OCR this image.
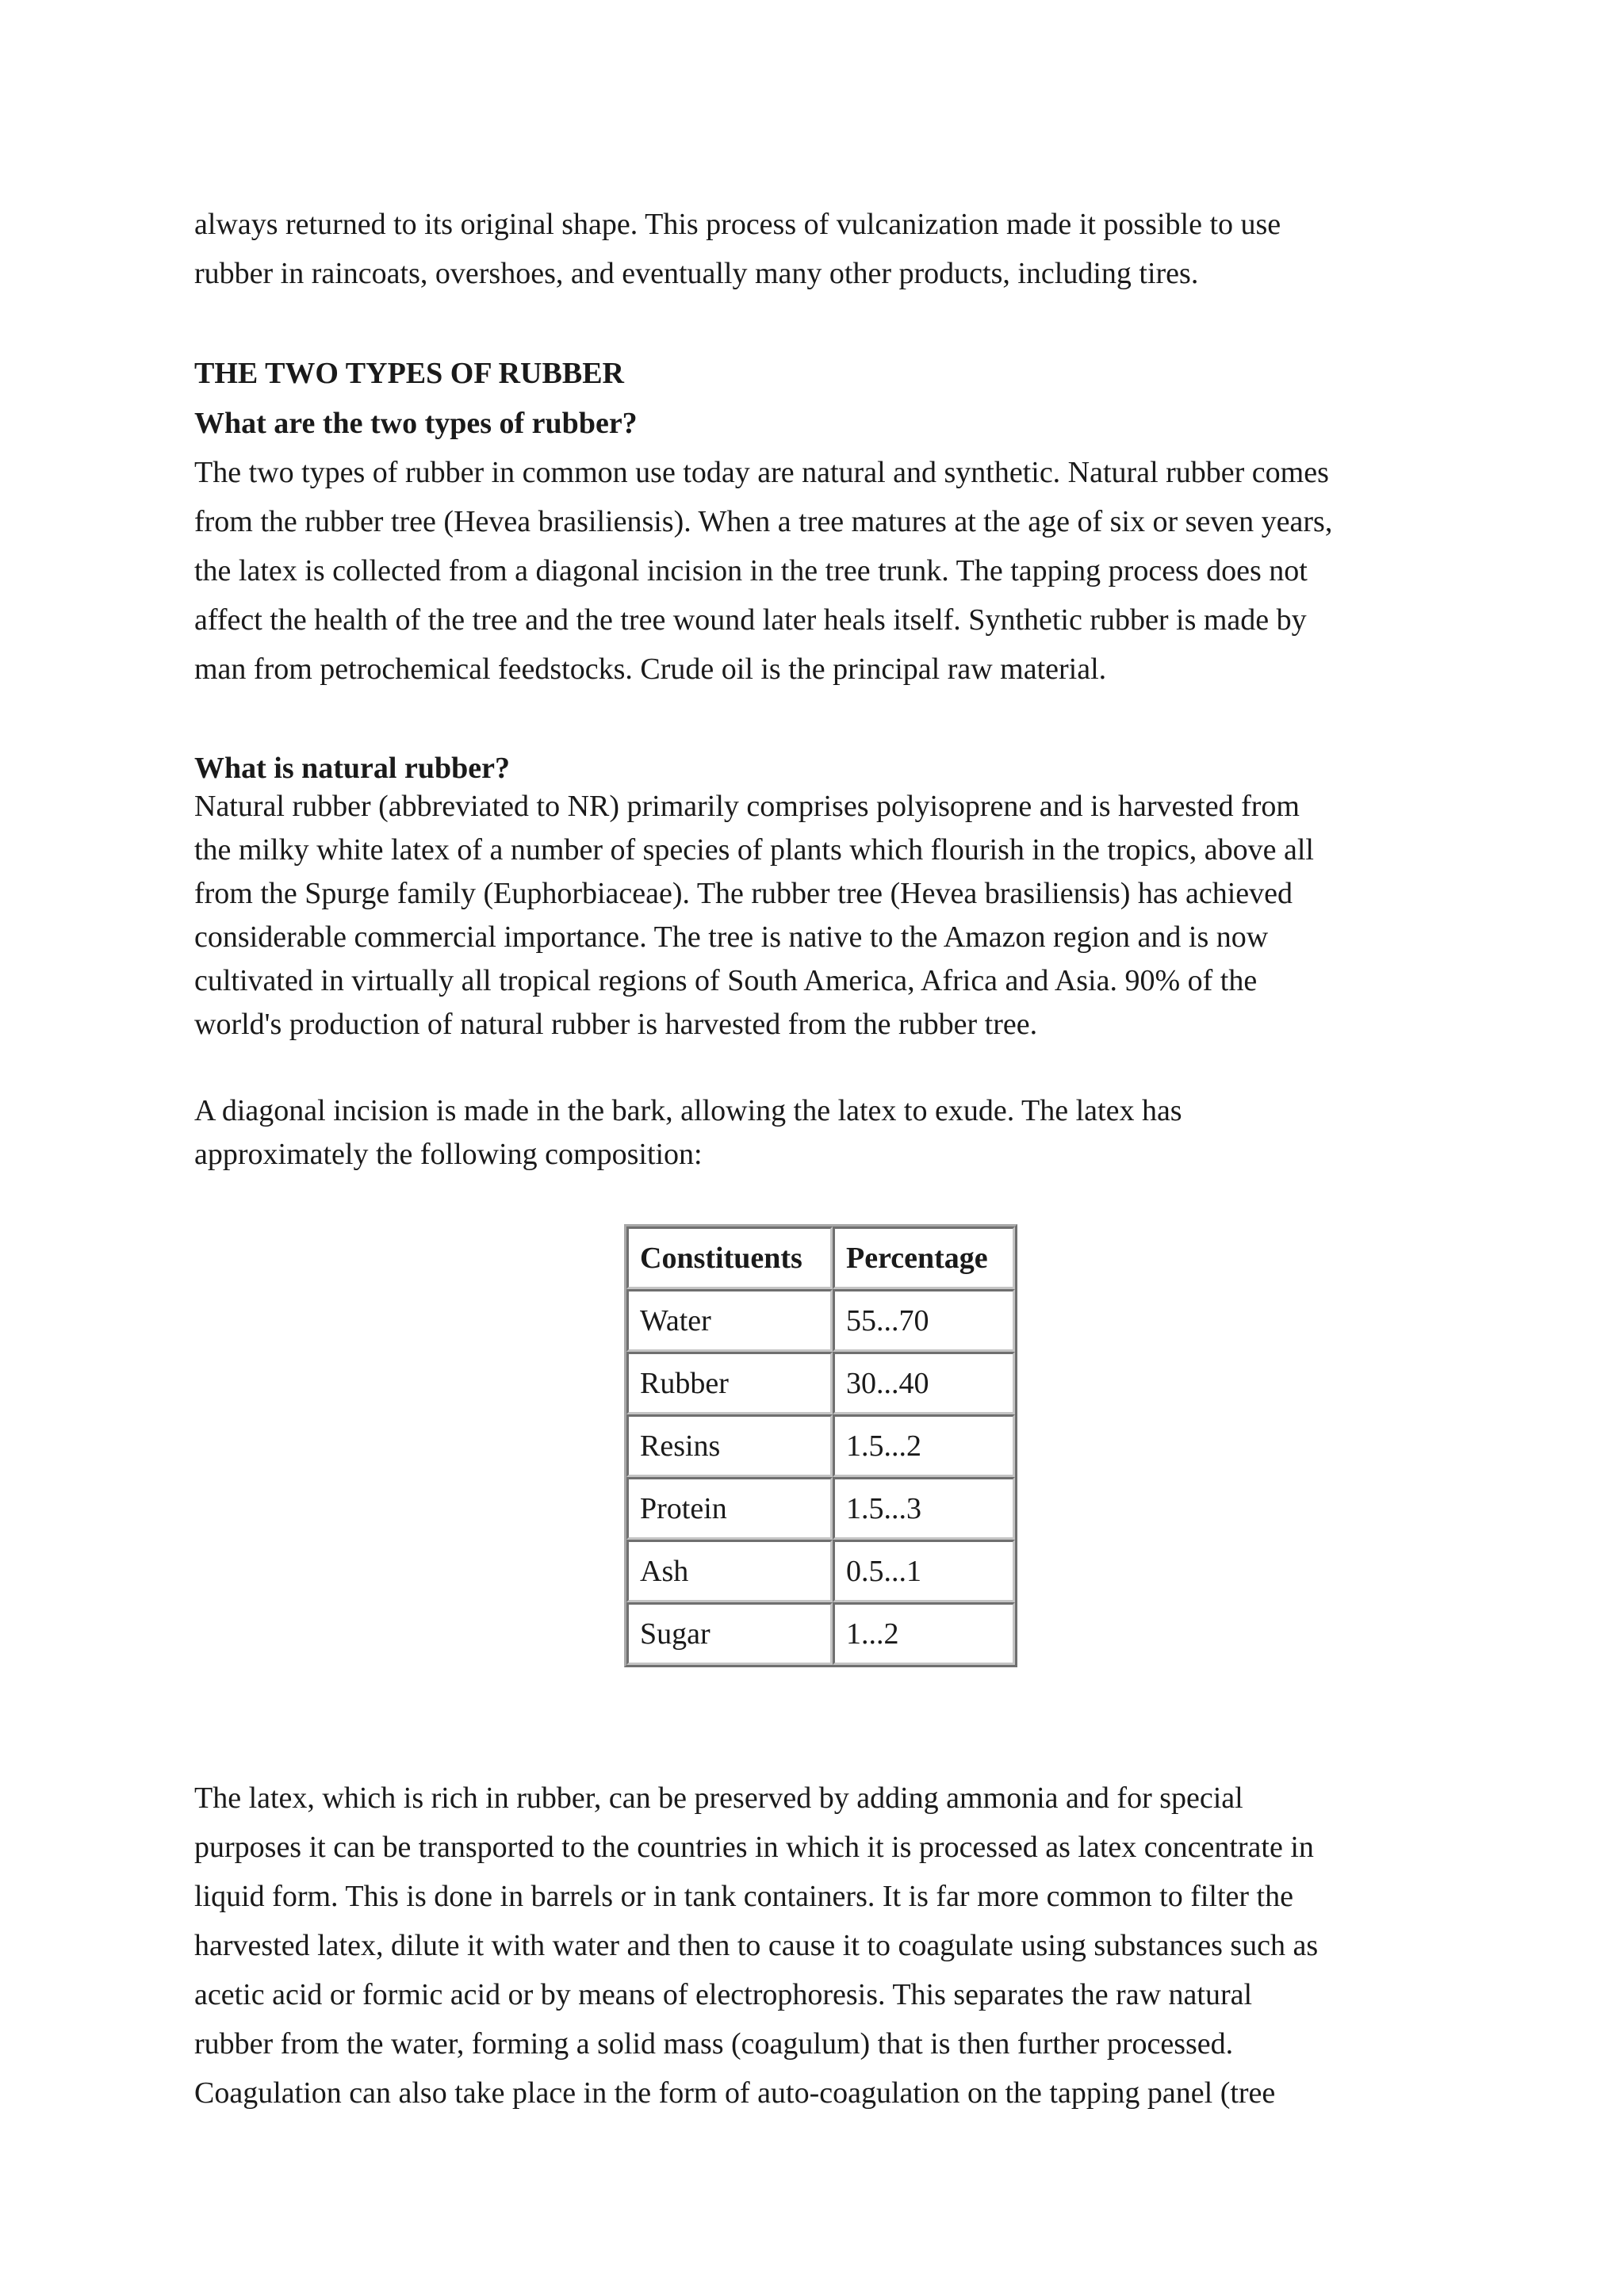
always returned to its original shape. This process of vulcanization made it possible to use
rubber in raincoats, overshoes, and eventually many other products, including tires.

THE TWO TYPES OF RUBBER
What are the two types of rubber?

The two types of rubber in common use today are natural and synthetic. Natural rubber comes
from the rubber tree (Hevea brasiliensis). When a tree matures at the age of six or seven years,
the latex is collected from a diagonal incision in the tree trunk. The tapping process does not
affect the health of the tree and the tree wound later heals itself. Synthetic rubber is made by
man from petrochemical feedstocks. Crude oil is the principal raw material.

What is natural rubber?

Natural rubber (abbreviated to NR) primarily comprises polyisoprene and is harvested from
the milky white latex of a number of species of plants which flourish in the tropics, above all
from the Spurge family (Euphorbiaceae). The rubber tree (Hevea brasiliensis) has achieved
considerable commercial importance. The tree is native to the Amazon region and is now
cultivated in virtually all tropical regions of South America, Africa and Asia. 90% of the
world's production of natural rubber is harvested from the rubber tree.

A diagonal incision is made in the bark, allowing the latex to exude. The latex has
approximately the following composition:

Constituents	Percentage
Water	55...70
Rubber	30...40
Resins	1.5...2
Protein	1.5...3
Ash	0.5...1
Sugar	1...2

The latex, which is rich in rubber, can be preserved by adding ammonia and for special
purposes it can be transported to the countries in which it is processed as latex concentrate in
liquid form. This is done in barrels or in tank containers. It is far more common to filter the
harvested latex, dilute it with water and then to cause it to coagulate using substances such as
acetic acid or formic acid or by means of electrophoresis. This separates the raw natural
rubber from the water, forming a solid mass (coagulum) that is then further processed.
Coagulation can also take place in the form of auto-coagulation on the tapping panel (tree
